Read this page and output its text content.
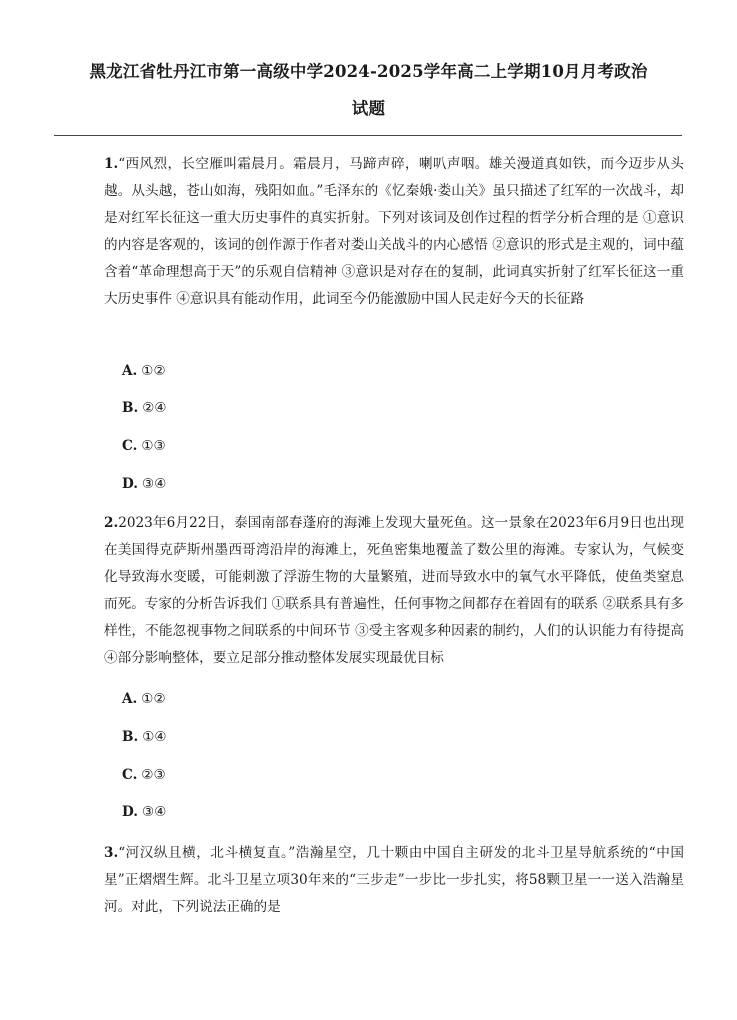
黑龙江省牡丹江市第一高级中学2024-2025学年高二上学期10月月考政治
试题
1.“西风烈，长空雁叫霜晨月。霜晨月，马蹄声碎，喇叭声咽。雄关漫道真如铁，而今迈步从头越。从头越，苍山如海，残阳如血。”毛泽东的《忆秦娥·娄山关》虽只描述了红军的一次战斗，却是对红军长征这一重大历史事件的真实折射。下列对该词及创作过程的哲学分析合理的是 ①意识的内容是客观的，该词的创作源于作者对娄山关战斗的内心感悟 ②意识的形式是主观的，词中蕴含着“革命理想高于天”的乐观自信精神 ③意识是对存在的复制，此词真实折射了红军长征这一重大历史事件 ④意识具有能动作用，此词至今仍能激励中国人民走好今天的长征路
A. ①②
B. ②④
C. ①③
D. ③④
2.2023年6月22日，泰国南部春蓬府的海滩上发现大量死鱼。这一景象在2023年6月9日也出现在美国得克萨斯州墨西哥湾沿岸的海滩上，死鱼密集地覆盖了数公里的海滩。专家认为，气候变化导致海水变暖，可能刺激了浮游生物的大量繁殖，进而导致水中的氧气水平降低，使鱼类窒息而死。专家的分析告诉我们 ①联系具有普遍性，任何事物之间都存在着固有的联系 ②联系具有多样性，不能忽视事物之间联系的中间环节 ③受主客观多种因素的制约，人们的认识能力有待提高 ④部分影响整体，要立足部分推动整体发展实现最优目标
A. ①②
B. ①④
C. ②③
D. ③④
3.“河汉纵且横，北斗横复直。”浩瀚星空，几十颗由中国自主研发的北斗卫星导航系统的“中国星”正熠熠生辉。北斗卫星立项30年来的“三步走”一步比一步扎实，将58颗卫星一一送入浩瀚星河。对此，下列说法正确的是
